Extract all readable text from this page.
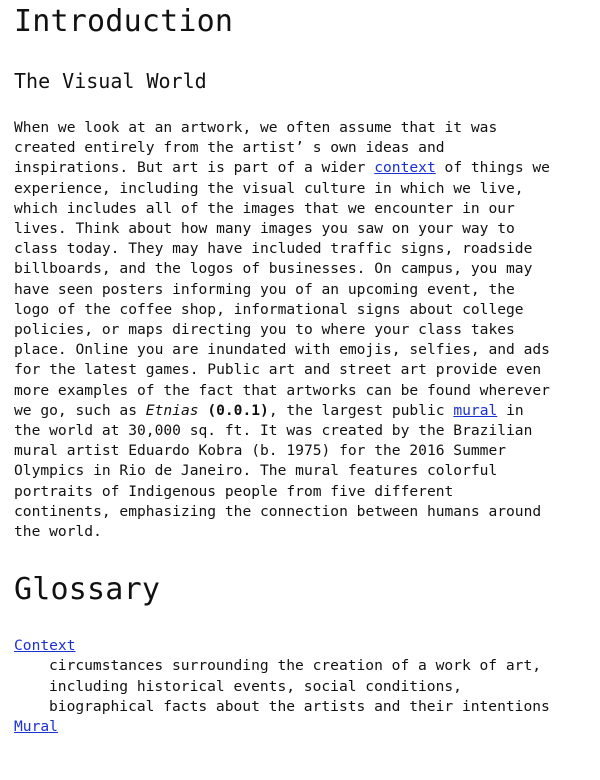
Introduction
The Visual World
When we look at an artwork, we often assume that it was
created entirely from the artist’ s own ideas and
inspirations. But art is part of a wider context of things we
experience, including the visual culture in which we live,
which includes all of the images that we encounter in our
lives. Think about how many images you saw on your way to
class today. They may have included traffic signs, roadside
billboards, and the logos of businesses. On campus, you may
have seen posters informing you of an upcoming event, the
logo of the coffee shop, informational signs about college
policies, or maps directing you to where your class takes
place. Online you are inundated with emojis, selfies, and ads
for the latest games. Public art and street art provide even
more examples of the fact that artworks can be found wherever
we go, such as Etnias (0.0.1), the largest public mural in
the world at 30,000 sq. ft. It was created by the Brazilian
mural artist Eduardo Kobra (b. 1975) for the 2016 Summer
Olympics in Rio de Janeiro. The mural features colorful
portraits of Indigenous people from five different
continents, emphasizing the connection between humans around
the world.
Glossary
Context
circumstances surrounding the creation of a work of art,
including historical events, social conditions,
biographical facts about the artists and their intentions
Mural
